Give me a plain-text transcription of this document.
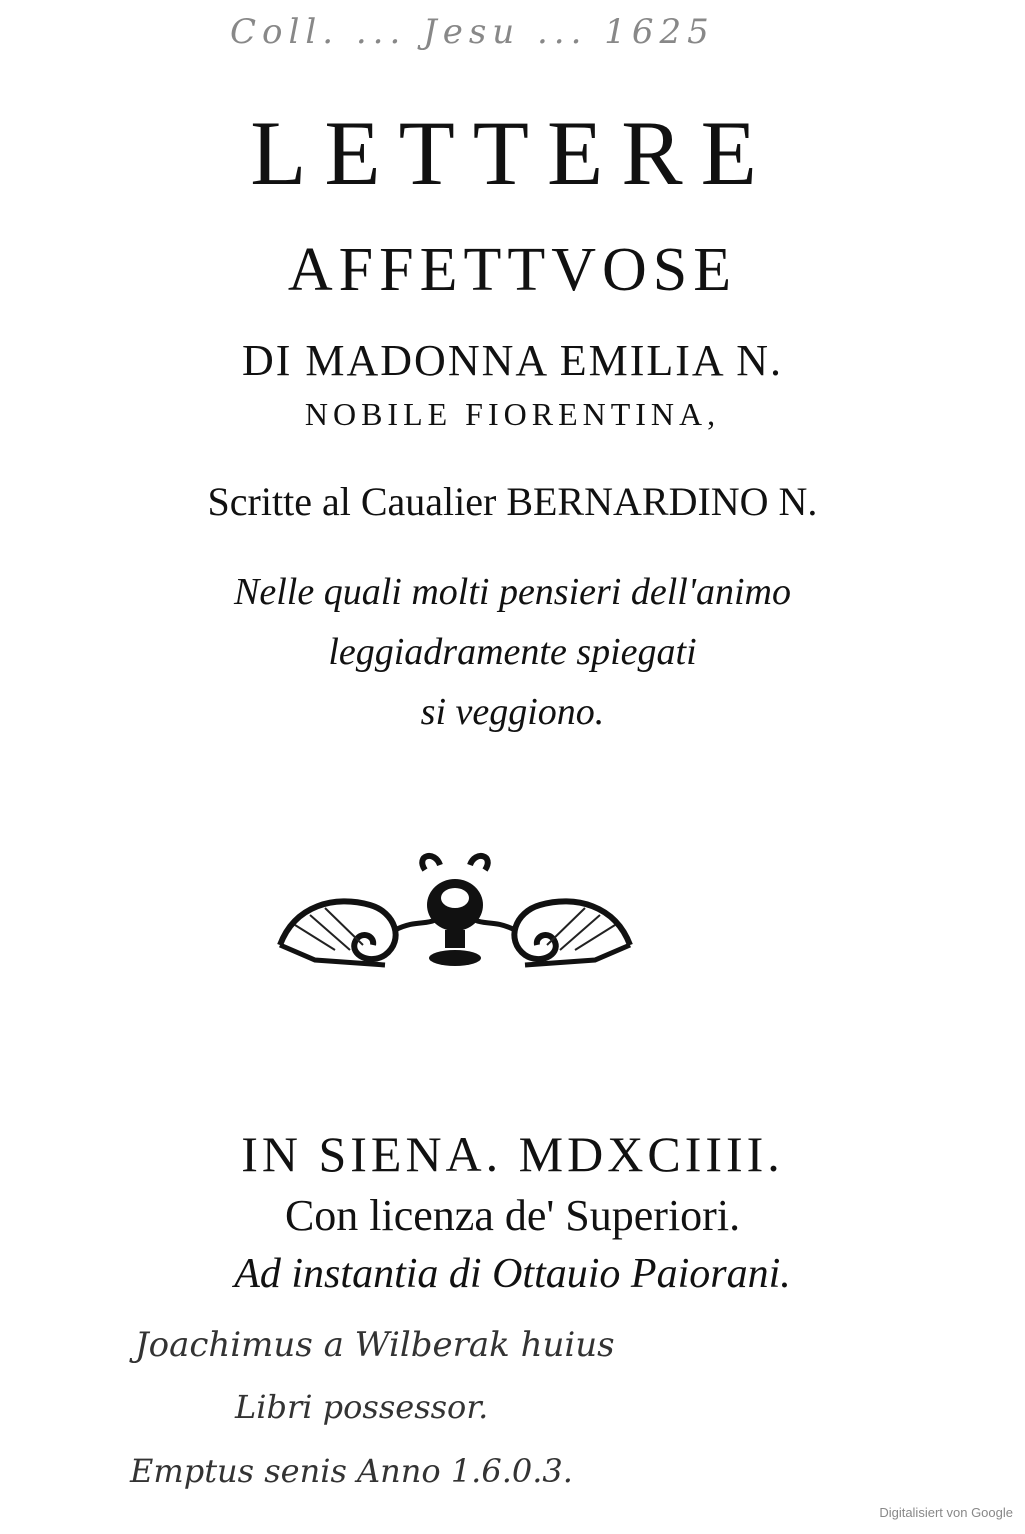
Coll. ... Jesu ... 1625
LETTERE
AFFETTVOSE
DI MADONNA EMILIA N.
NOBILE FIORENTINA,
Scritte al Caualier BERNARDINO N.
Nelle quali molti pensieri dell'animo
leggiadramente spiegati
si veggiono.
IN SIENA. MDXCIIII.
Con licenza de' Superiori.
Ad instantia di Ottauio Paiorani.
Joachimus a Wilberak huius
Libri possessor.
Emptus senis Anno 1.6.0.3.
Digitalisiert von Google
